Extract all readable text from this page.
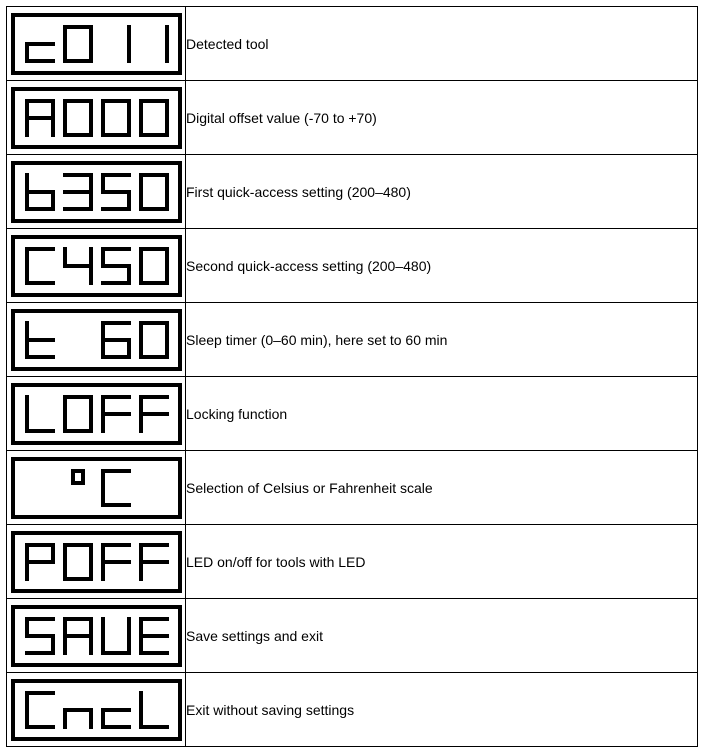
	Detected tool

	Digital offset value (-70 to +70)

	First quick-access setting (200–480)

	Second quick-access setting (200–480)

	Sleep timer (0–60 min), here set to 60 min

	Locking function

	Selection of Celsius or Fahrenheit scale

	LED on/off for tools with LED

	Save settings and exit

	Exit without saving settings
